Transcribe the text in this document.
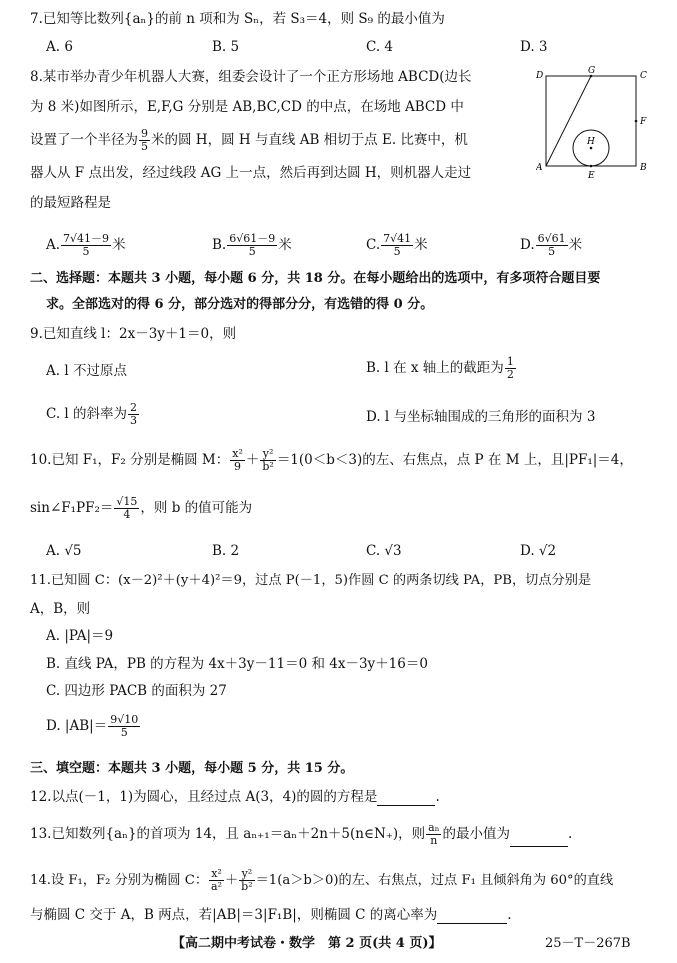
7.已知等比数列{aₙ}的前 n 项和为 Sₙ，若 S₃＝4，则 S₉ 的最小值为
A. 6	B. 5	C. 4	D. 3
8.某市举办青少年机器人大赛，组委会设计了一个正方形场地 ABCD(边长
为 8 米)如图所示，E,F,G 分别是 AB,BC,CD 的中点，在场地 ABCD 中
设置了一个半径为 $\frac{9}{5}$ 米的圆 H，圆 H 与直线 AB 相切于点 E. 比赛中，机
器人从 F 点出发，经过线段 AG 上一点，然后再到达圆 H，则机器人走过
的最短路程是
D	G	C
F
H
A
E
B
A. $\frac{7√41-9}{5}$ 米	B. $\frac{6√61-9}{5}$ 米	C. $\frac{7√41}{5}$ 米	D. $\frac{6√61}{5}$ 米
二、选择题：本题共 3 小题，每小题 6 分，共 18 分。在每小题给出的选项中，有多项符合题目要
求。全部选对的得 6 分，部分选对的得部分分，有选错的得 0 分。
9.已知直线 l：2x－3y＋1＝0，则
A. l 不过原点	B. l 在 x 轴上的截距为 $\frac{1}{2}$
C. l 的斜率为 $\frac{2}{3}$	D. l 与坐标轴围成的三角形的面积为 3
10.已知 F₁，F₂ 分别是椭圆 M： $\frac{\text{x²}}{9} + \frac{\text{y²}}{\text{b²}} =1(0<b<3)$的左、右焦点，点 P 在 M 上，且|PF₁|＝4，
sin∠F₁PF₂＝ $\frac{√15}{4}$ ，则 b 的值可能为
A. √5	B. 2	C. √3	D. √2
11.已知圆 C：(x－2)²＋(y＋4)²＝9，过点 P(－1，5)作圆 C 的两条切线 PA，PB，切点分别是
A，B，则
A. |PA|＝9
B. 直线 PA，PB 的方程为 4x＋3y－11＝0 和 4x－3y＋16＝0
C. 四边形 PACB 的面积为 27
D. $|AB|= \frac{9√10}{5}$
三、填空题：本题共 3 小题，每小题 5 分，共 15 分。
12.以点(－1，1)为圆心，且经过点 A(3，4)的圆的方程是	.
13.已知数列{aₙ}的首项为 14，且 aₙ₊₁＝aₙ＋2n＋5(n∈N₊)，则 $\frac{\text{aₙ}}{n}$ 的最小值为	.
14.设 F₁，F₂ 分别为椭圆 C： $\frac{\text{x²}}{\text{a²}} + \frac{\text{y²}}{\text{b²}} =1(a>b>0)$的左、右焦点，过点 F₁ 且倾斜角为 60°的直线
与椭圆 C 交于 A，B 两点，若|AB|＝3|F₁B|，则椭圆 C 的离心率为	.
【高二期中考试卷・数学　第 2 页(共 4 页)】	25－T－267B
